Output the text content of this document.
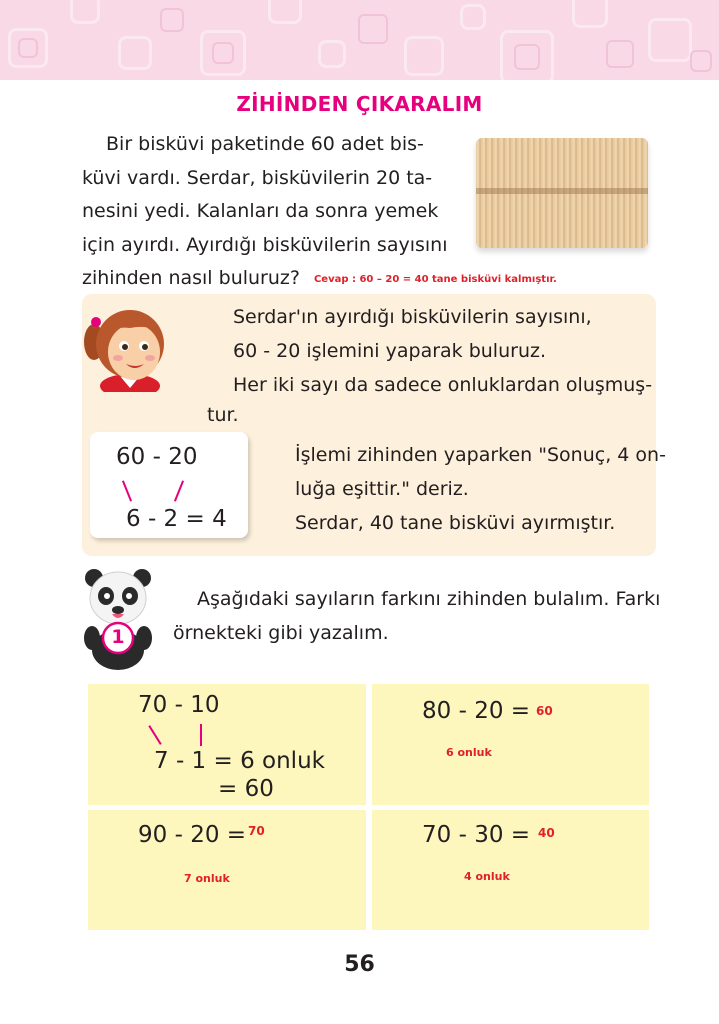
ZİHİNDEN ÇIKARALIM

Bir bisküvi paketinde 60 adet bis-

küvi vardı. Serdar, bisküvilerin 20 ta-

nesini yedi. Kalanları da sonra yemek

için ayırdı. Ayırdığı bisküvilerin sayısını

zihinden nasıl buluruz? Cevap : 60 – 20 = 40 tane bisküvi kalmıştır.

Serdar'ın ayırdığı bisküvilerin sayısını,
60 - 20 işlemini yaparak buluruz.
Her iki sayı da sadece onluklardan oluşmuş-
tur.
İşlemi zihinden yaparken "Sonuç, 4 on-
luğa eşittir." deriz.
Serdar, 40 tane bisküvi ayırmıştır.
60 - 20
6 - 2 = 4
1
Aşağıdaki sayıların farkını zihinden bulalım. Farkı
örnekteki gibi yazalım.
70 - 10
7 - 1 = 6 onluk
= 60
80 - 20 = 60
6 onluk
90 - 20 = 70
7 onluk
70 - 30 = 40
4 onluk
56
